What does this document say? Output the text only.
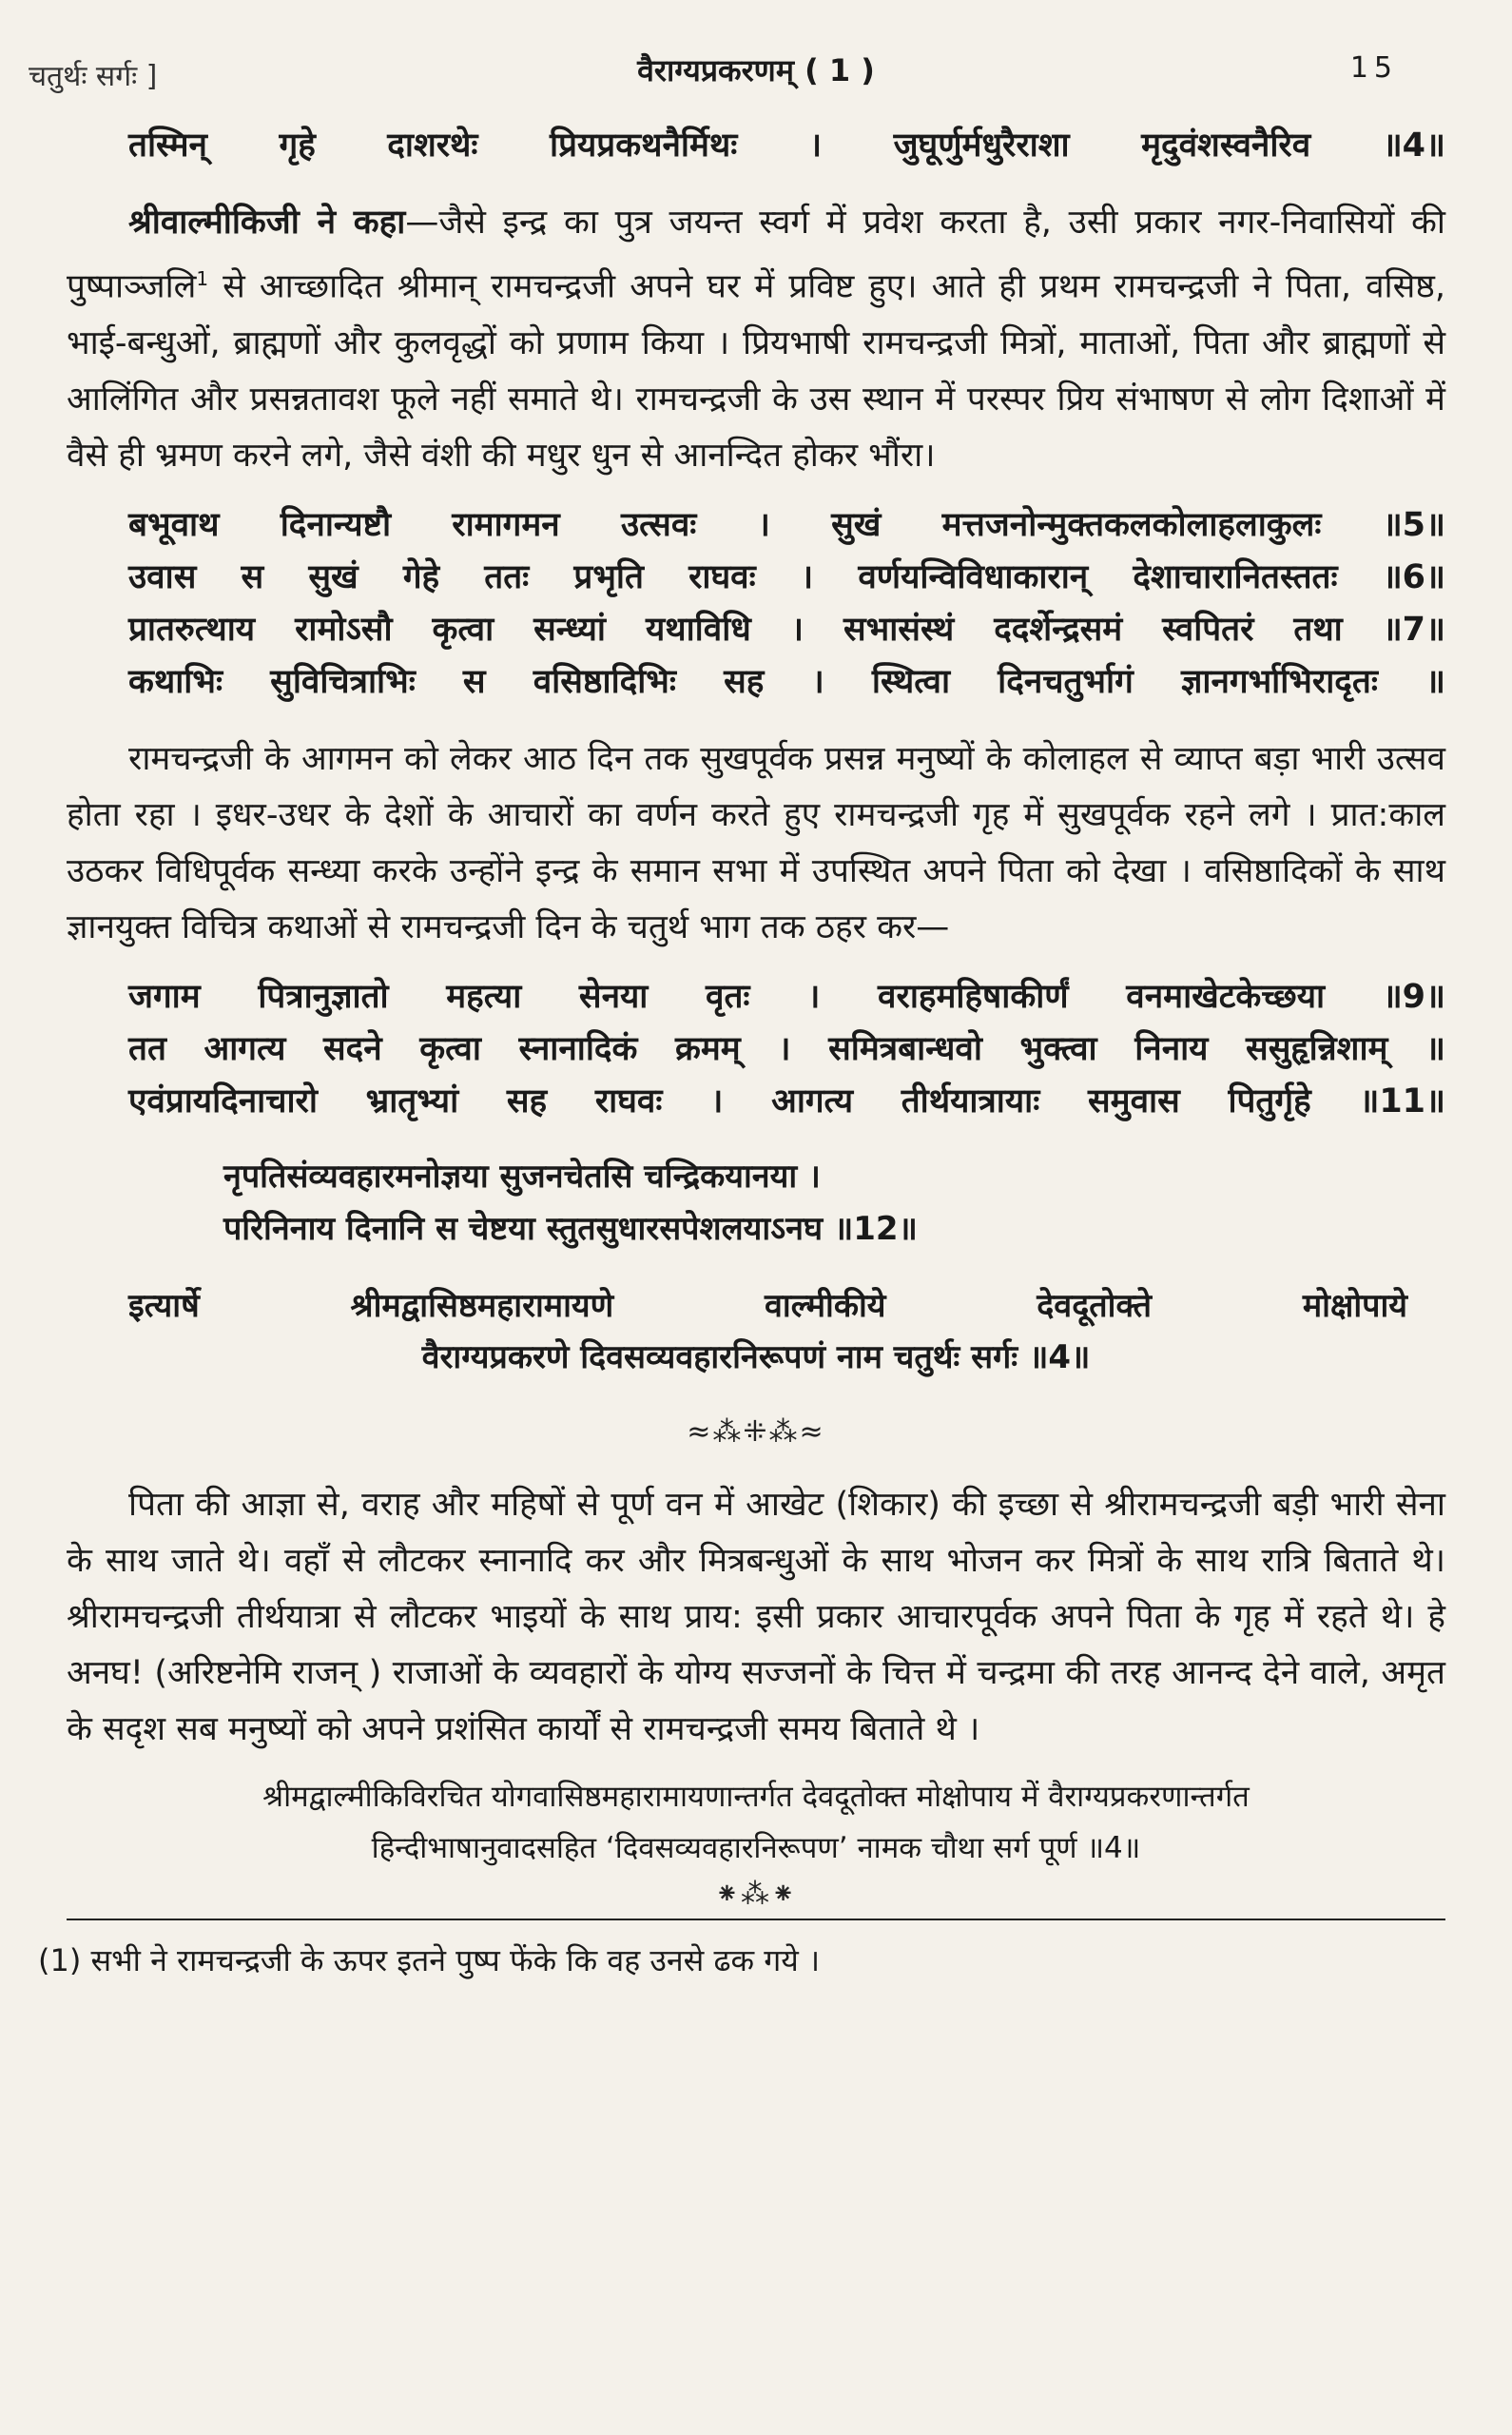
चतुर्थः सर्गः ]	वैराग्यप्रकरणम् ( 1 )	15
तस्मिन् गृहे दाशरथेः प्रियप्रकथनैर्मिथः । जुघूर्णुर्मधुरैराशा मृदुवंशस्वनैरिव ॥4॥

श्रीवाल्मीकिजी ने कहा—जैसे इन्द्र का पुत्र जयन्त स्वर्ग में प्रवेश करता है, उसी प्रकार नगर-निवासियों की पुष्पाञ्जलि$^1$ से आच्छादित श्रीमान् रामचन्द्रजी अपने घर में प्रविष्ट हुए। आते ही प्रथम रामचन्द्रजी ने पिता, वसिष्ठ, भाई-बन्धुओं, ब्राह्मणों और कुलवृद्धों को प्रणाम किया । प्रियभाषी रामचन्द्रजी मित्रों, माताओं, पिता और ब्राह्मणों से आलिंगित और प्रसन्नतावश फूले नहीं समाते थे। रामचन्द्रजी के उस स्थान में परस्पर प्रिय संभाषण से लोग दिशाओं में वैसे ही भ्रमण करने लगे, जैसे वंशी की मधुर धुन से आनन्दित होकर भौंरा।

बभूवाथ दिनान्यष्टौ रामागमन उत्सवः । सुखं मत्तजनोन्मुक्तकलकोलाहलाकुलः ॥5॥
उवास स सुखं गेहे ततः प्रभृति राघवः । वर्णयन्विविधाकारान् देशाचारानितस्ततः ॥6॥
प्रातरुत्थाय रामोऽसौ कृत्वा सन्ध्यां यथाविधि । सभासंस्थं ददर्शेन्द्रसमं स्वपितरं तथा ॥7॥
कथाभिः सुविचित्राभिः स वसिष्ठादिभिः सह । स्थित्वा दिनचतुर्भागं ज्ञानगर्भाभिरादृतः ॥

रामचन्द्रजी के आगमन को लेकर आठ दिन तक सुखपूर्वक प्रसन्न मनुष्यों के कोलाहल से व्याप्त बड़ा भारी उत्सव होता रहा । इधर-उधर के देशों के आचारों का वर्णन करते हुए रामचन्द्रजी गृह में सुखपूर्वक रहने लगे । प्रात:काल उठकर विधिपूर्वक सन्ध्या करके उन्होंने इन्द्र के समान सभा में उपस्थित अपने पिता को देखा । वसिष्ठादिकों के साथ ज्ञानयुक्त विचित्र कथाओं से रामचन्द्रजी दिन के चतुर्थ भाग तक ठहर कर—

जगाम पित्रानुज्ञातो महत्या सेनया वृतः । वराहमहिषाकीर्णं वनमाखेटकेच्छया ॥9॥
तत आगत्य सदने कृत्वा स्नानादिकं क्रमम् । समित्रबान्धवो भुक्त्वा निनाय ससुहृन्निशाम् ॥
एवंप्रायदिनाचारो भ्रातृभ्यां सह राघवः । आगत्य तीर्थयात्रायाः समुवास पितुर्गृहे ॥11॥
नृपतिसंव्यवहारमनोज्ञया सुजनचेतसि चन्द्रिकयानया ।
परिनिनाय दिनानि स चेष्टया स्तुतसुधारसपेशलयाऽनघ ॥12॥
इत्यार्षे श्रीमद्वासिष्ठमहारामायणे वाल्मीकीये देवदूतोक्ते मोक्षोपाये
वैराग्यप्रकरणे दिवसव्यवहारनिरूपणं नाम चतुर्थः सर्गः ॥4॥
≈⁂⁜⁂≈

पिता की आज्ञा से, वराह और महिषों से पूर्ण वन में आखेट (शिकार) की इच्छा से श्रीरामचन्द्रजी बड़ी भारी सेना के साथ जाते थे। वहाँ से लौटकर स्नानादि कर और मित्रबन्धुओं के साथ भोजन कर मित्रों के साथ रात्रि बिताते थे। श्रीरामचन्द्रजी तीर्थयात्रा से लौटकर भाइयों के साथ प्राय: इसी प्रकार आचारपूर्वक अपने पिता के गृह में रहते थे। हे अनघ! (अरिष्टनेमि राजन् ) राजाओं के व्यवहारों के योग्य सज्जनों के चित्त में चन्द्रमा की तरह आनन्द देने वाले, अमृत के सदृश सब मनुष्यों को अपने प्रशंसित कार्यों से रामचन्द्रजी समय बिताते थे ।

श्रीमद्वाल्मीकिविरचित योगवासिष्ठमहारामायणान्तर्गत देवदूतोक्त मोक्षोपाय में वैराग्यप्रकरणान्तर्गत
हिन्दीभाषानुवादसहित ‘दिवसव्यवहारनिरूपण’ नामक चौथा सर्ग पूर्ण ॥4॥
⁕⁂⁕
(1) सभी ने रामचन्द्रजी के ऊपर इतने पुष्प फेंके कि वह उनसे ढक गये ।
